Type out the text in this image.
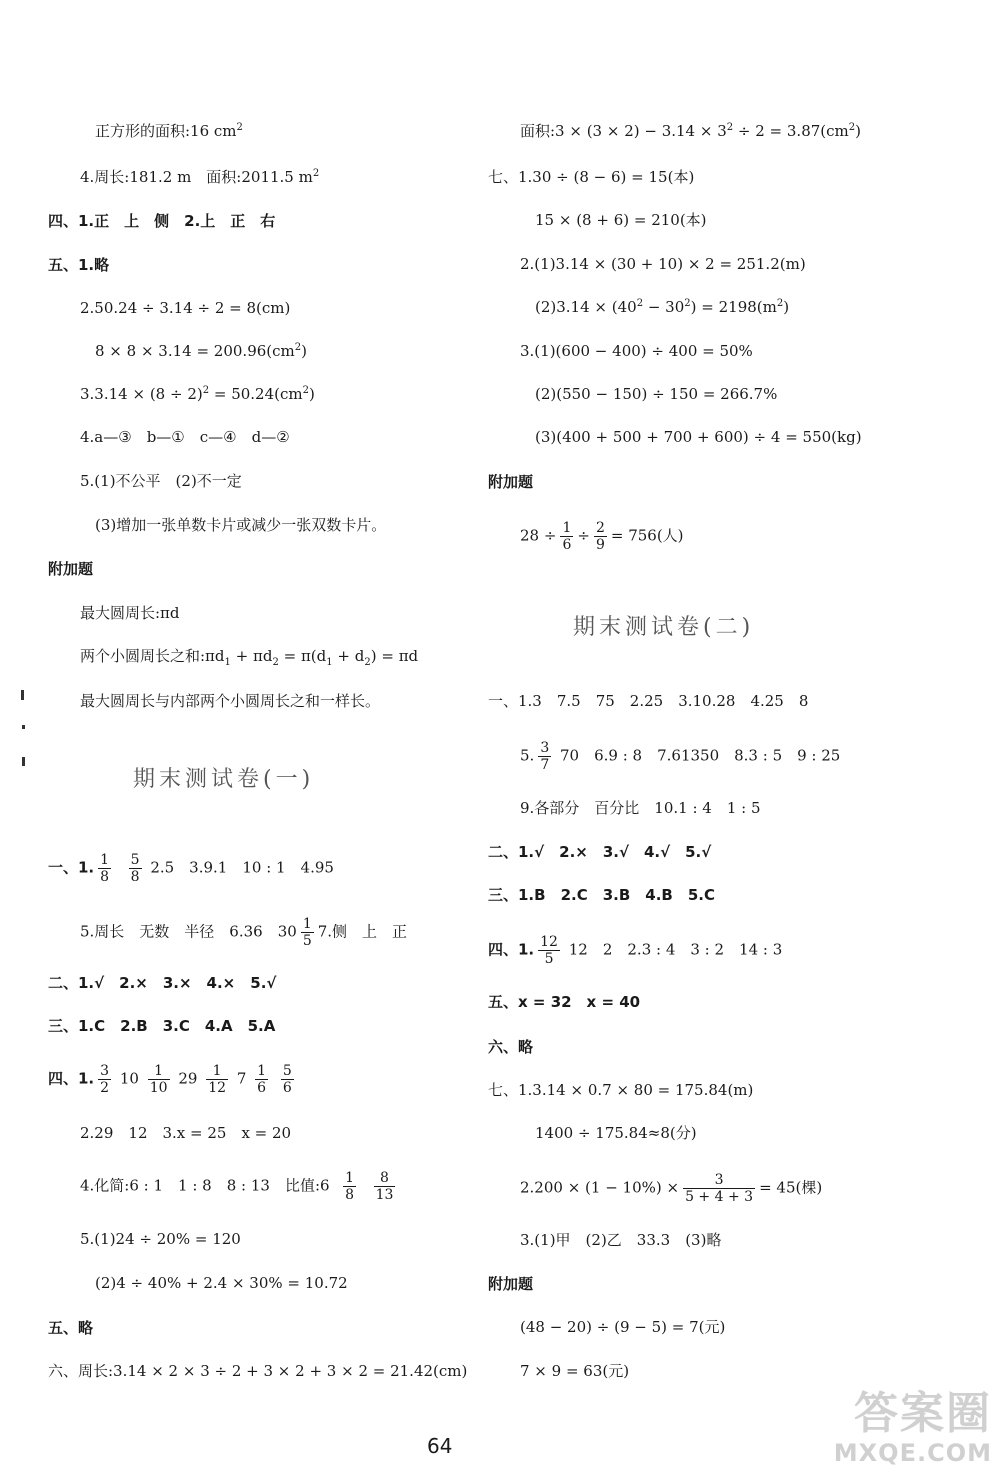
正方形的面积:16 $cm^2$
4.周长:181.2 m　面积:2011.5 $m^2$
四、1.正　上　侧　2.上　正　右
五、1.略
2.50.24 ÷ 3.14 ÷ 2 = 8(cm)
$8 \times 8 \times 3.14 = 200.96(cm^2)$
$3.3.14 \times (8 \div 2)^2 = 50.24(cm^2)$
4.a—③　b—①　c—④　d—②
5.(1)不公平　(2)不一定
(3)增加一张单数卡片或减少一张双数卡片。
附加题
最大圆周长:πd
两个小圆周长之和$:\pi d_1 + \pi d_2 = \pi(d_1 + d_2) = \pi d$
最大圆周长与内部两个小圆周长之和一样长。
期末测试卷(一)
一、1. $\frac{1}{8}$
$\frac{5}{8} 2.5$　3.9.1　10 : 1　4.95
5.周长　无数　半径　6.36　$30 \frac{1}{5} 7$.侧　上　正
二、1.√　2.×　3.×　4.×　5.√
三、1.C　2.B　3.C　4.A　5.A
四、1. $\frac{3}{2} 10 \frac{1}{10} 29 \frac{1}{12} 7 \frac{1}{6}$
$\frac{5}{6}$
2.29　12　3.x = 25　x = 20
4.化简:6 : 1　1 : 8　8 : 13　比值:6 $\frac{1}{8}$
$\frac{8}{13}$
5.(1)24 ÷ 20% = 120
(2)4 ÷ 40% + 2.4 × 30% = 10.72
五、略
六、周长:3.14 × 2 × 3 ÷ 2 + 3 × 2 + 3 × 2 = 21.42(cm)
面积:3 × $(3 \times 2) - 3.14 \times 3^2 \div 2 = 3.87(cm^2)$
七、1.30 ÷ (8 − 6) = 15(本)
15 × (8 + 6) = 210(本)
2.(1)3.14 × (30 + 10) × 2 = 251.2(m)
$(2)3.14 \times (40^2 - 30^2) = 2198(m^2)$
3.(1)(600 − 400) ÷ 400 = 50%
(2)(550 − 150) ÷ 150 = 266.7%
(3)(400 + 500 + 700 + 600) ÷ 4 = 550(kg)
附加题
$28 \div \frac{1}{6} \div \frac{2}{9} = 756$(人)
期末测试卷(二)
一、1.3　7.5　75　2.25　3.10.28　4.25　8
5. $\frac{3}{7} 70$　6.9 : 8　7.61350　8.3 : 5　9 : 25
9.各部分　百分比　10.1 : 4　1 : 5
二、1.√　2.×　3.√　4.√　5.√
三、1.B　2.C　3.B　4.B　5.C
四、1. $\frac{12}{5} 12$　2　2.3 : 4　3 : 2　14 : 3
五、x = 32　x = 40
六、略
七、1.3.14 × 0.7 × 80 = 175.84(m)
1400 ÷ 175.84≈8(分)
$2.200 \times (1 - 10\%) \times \frac{3}{5 + 4 + 3} = 45$(棵)
3.(1)甲　(2)乙　33.3　(3)略
附加题
(48 − 20) ÷ (9 − 5) = 7(元)
7 × 9 = 63(元)
64
答案圈
MXQE.COM
